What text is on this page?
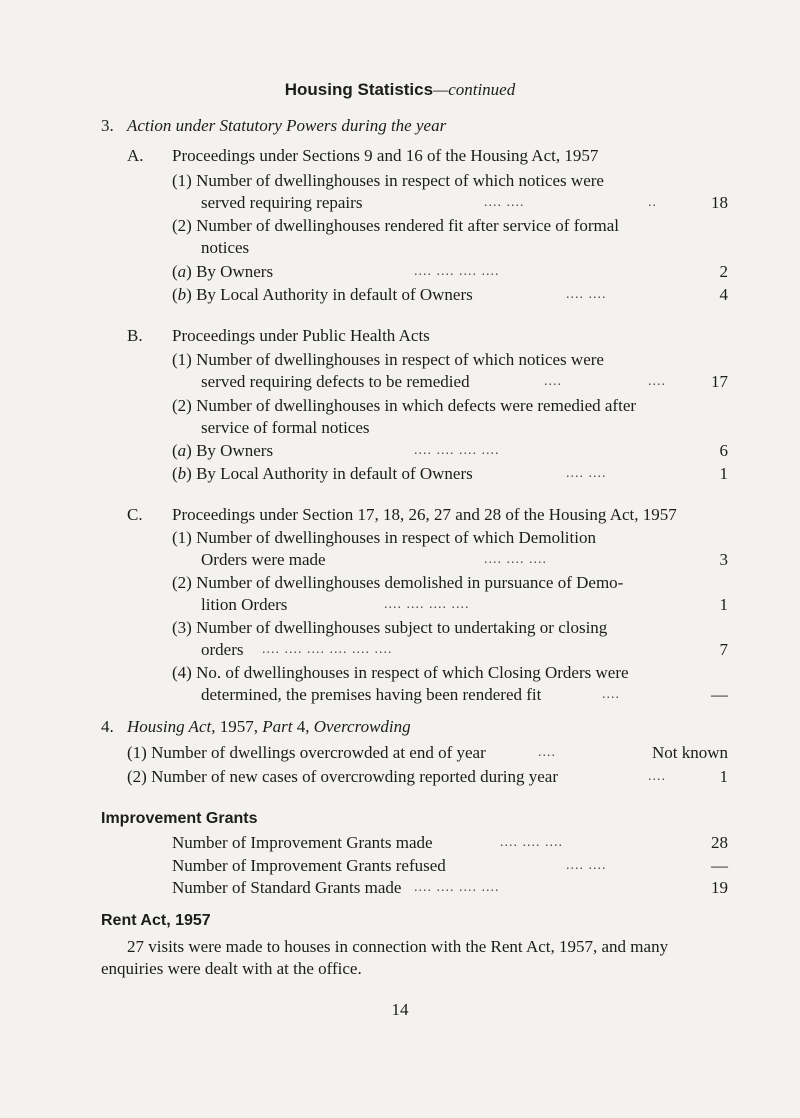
Housing Statistics—continued
3. Action under Statutory Powers during the year
A. Proceedings under Sections 9 and 16 of the Housing Act, 1957
(1) Number of dwellinghouses in respect of which notices were
served requiring repairs	.... ....	..	18
(2) Number of dwellinghouses rendered fit after service of formal
notices
(a) By Owners	.... .... .... ....	2
(b) By Local Authority in default of Owners	.... ....	4
B. Proceedings under Public Health Acts
(1) Number of dwellinghouses in respect of which notices were
served requiring defects to be remedied	....	....	17
(2) Number of dwellinghouses in which defects were remedied after
service of formal notices
(a) By Owners	.... .... .... ....	6
(b) By Local Authority in default of Owners	.... ....	1
C. Proceedings under Section 17, 18, 26, 27 and 28 of the Housing Act, 1957
(1) Number of dwellinghouses in respect of which Demolition
Orders were made	.... .... ....	3
(2) Number of dwellinghouses demolished in pursuance of Demo-
lition Orders	.... .... .... ....	1
(3) Number of dwellinghouses subject to undertaking or closing
orders .... .... .... .... .... ....	7
(4) No. of dwellinghouses in respect of which Closing Orders were
determined, the premises having been rendered fit	....	—
4. Housing Act, 1957, Part 4, Overcrowding
(1) Number of dwellings overcrowded at end of year	....	Not known
(2) Number of new cases of overcrowding reported during year	....	1
Improvement Grants
Number of Improvement Grants made	.... .... ....	28
Number of Improvement Grants refused	.... ....	—
Number of Standard Grants made .... .... .... ....	19
Rent Act, 1957
27 visits were made to houses in connection with the Rent Act, 1957, and many
enquiries were dealt with at the office.
14
